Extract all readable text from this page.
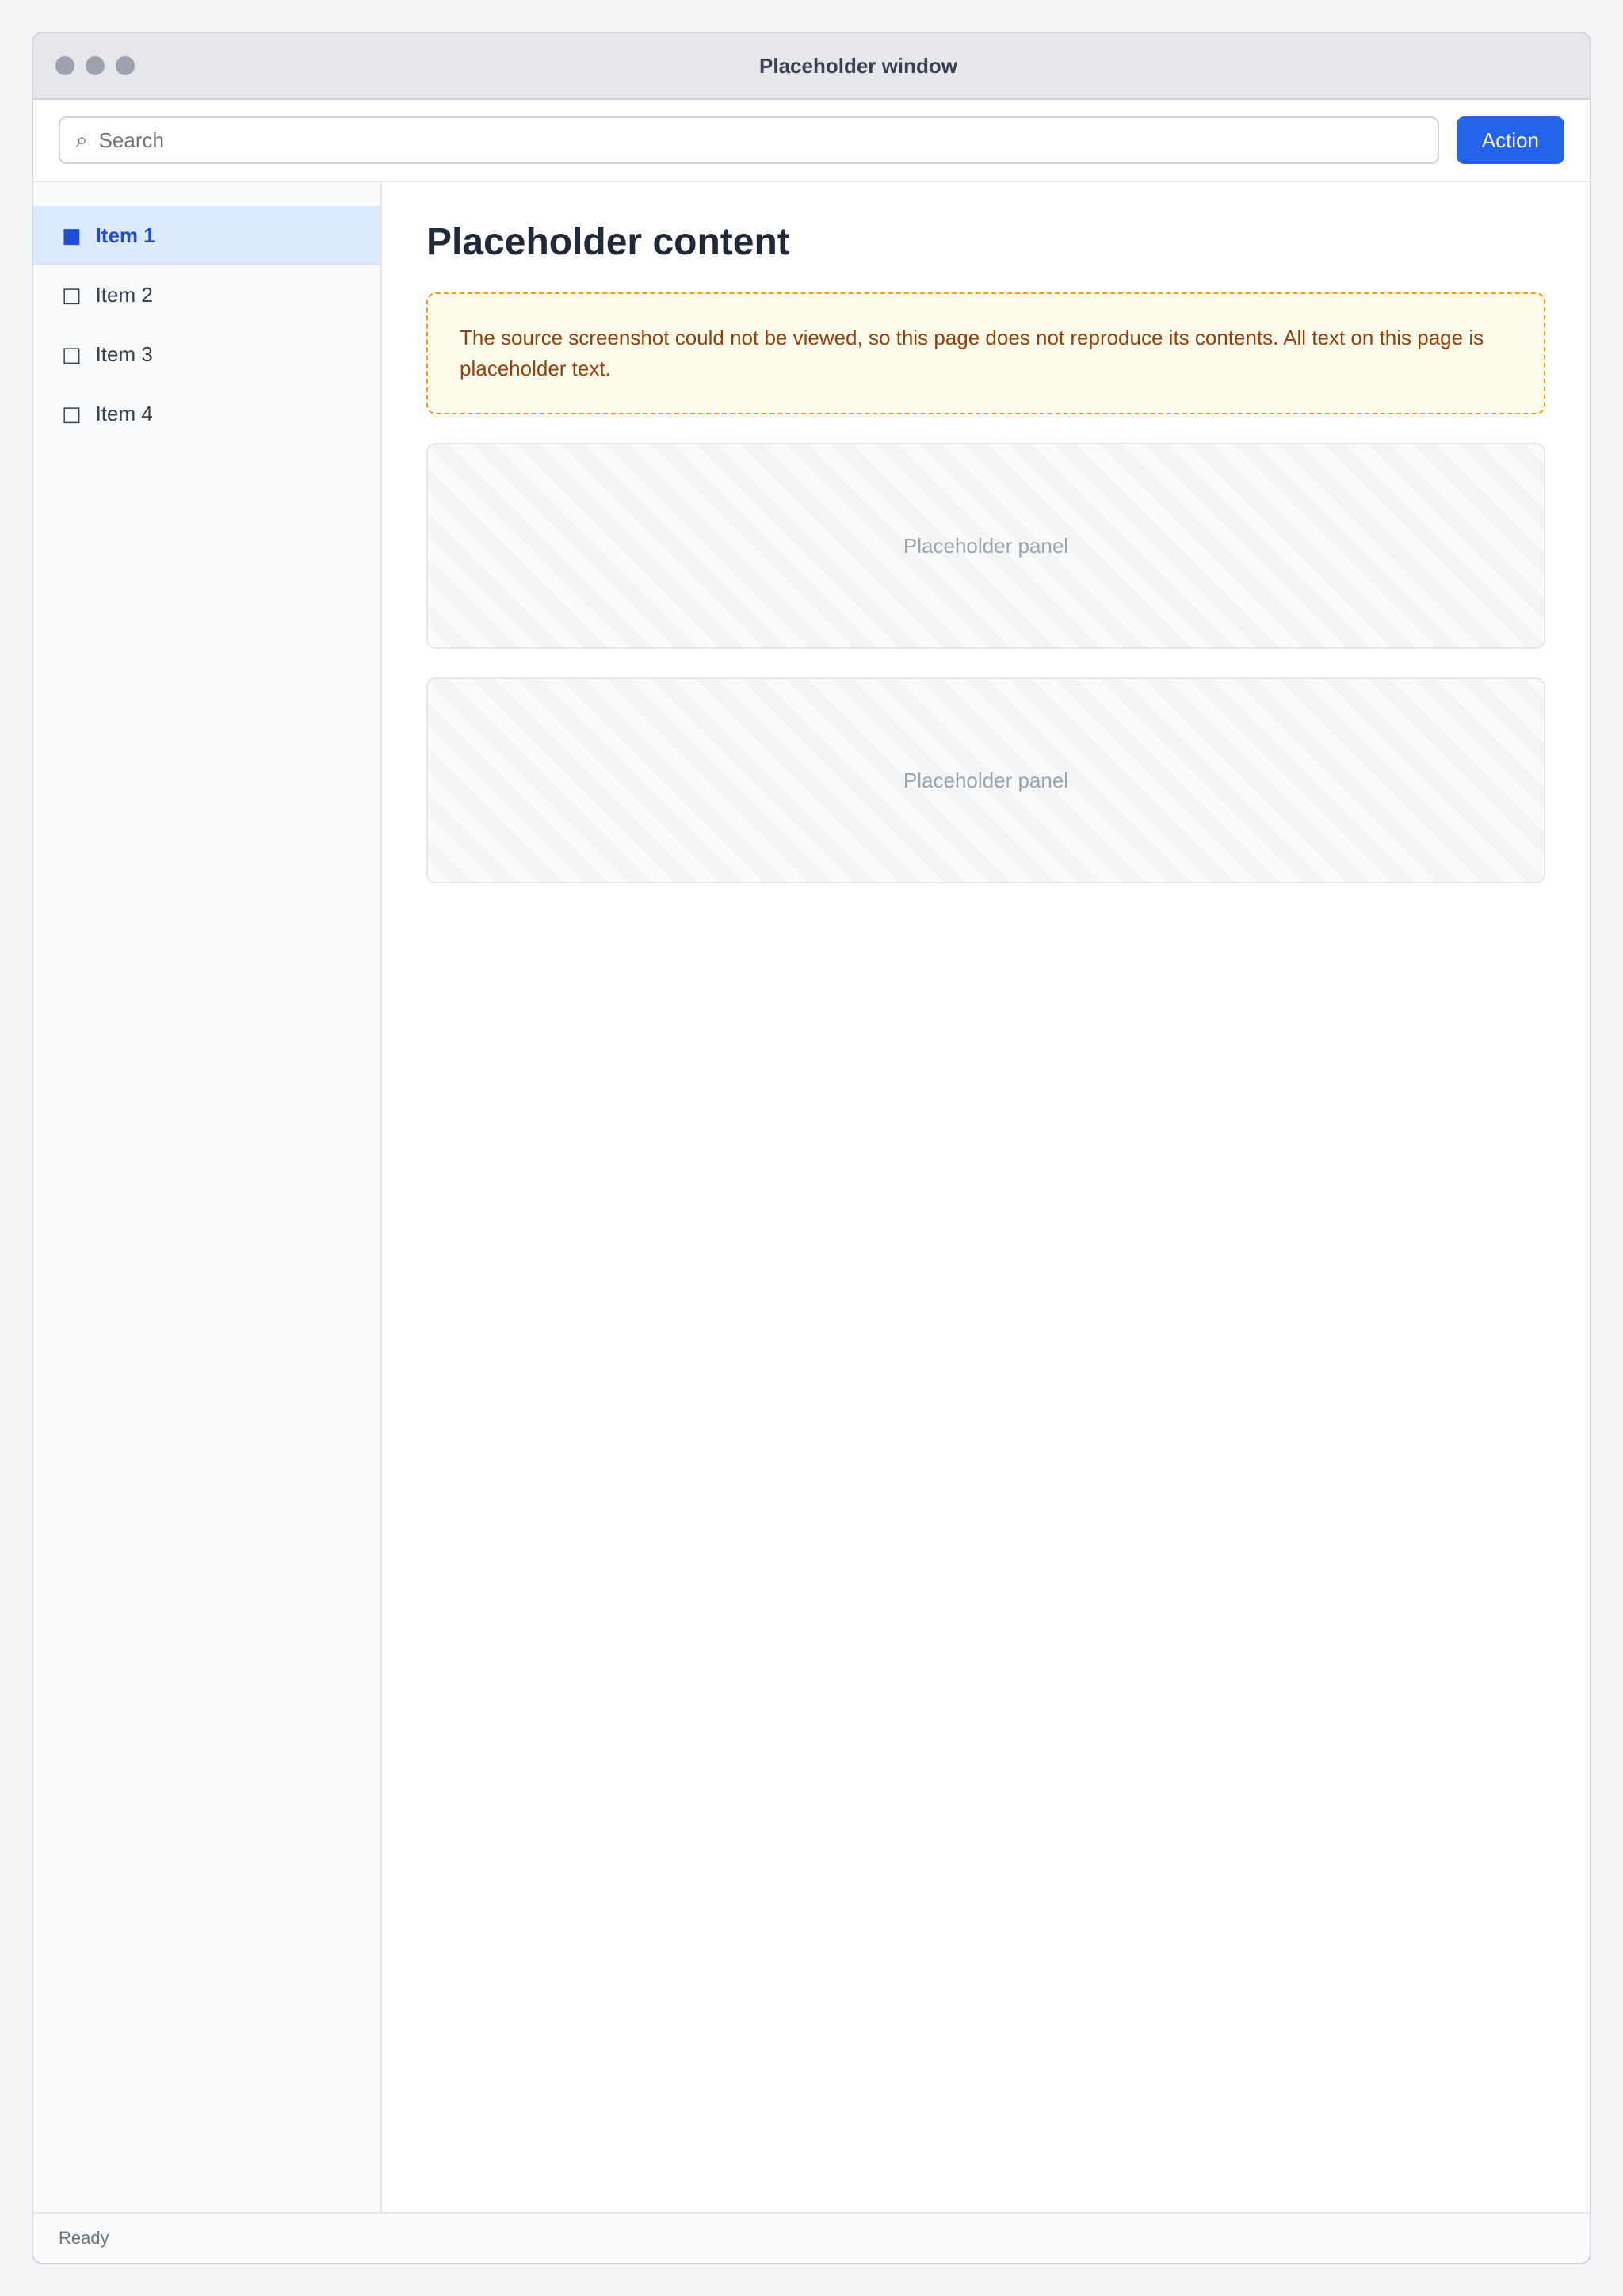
Placeholder window
⌕
Search	Action
■ Item 1
□ Item 2
□ Item 3
□ Item 4
Placeholder content
The source screenshot could not be viewed, so this page does not reproduce its contents. All text on this page is placeholder text.
Placeholder panel
Placeholder panel
Ready
